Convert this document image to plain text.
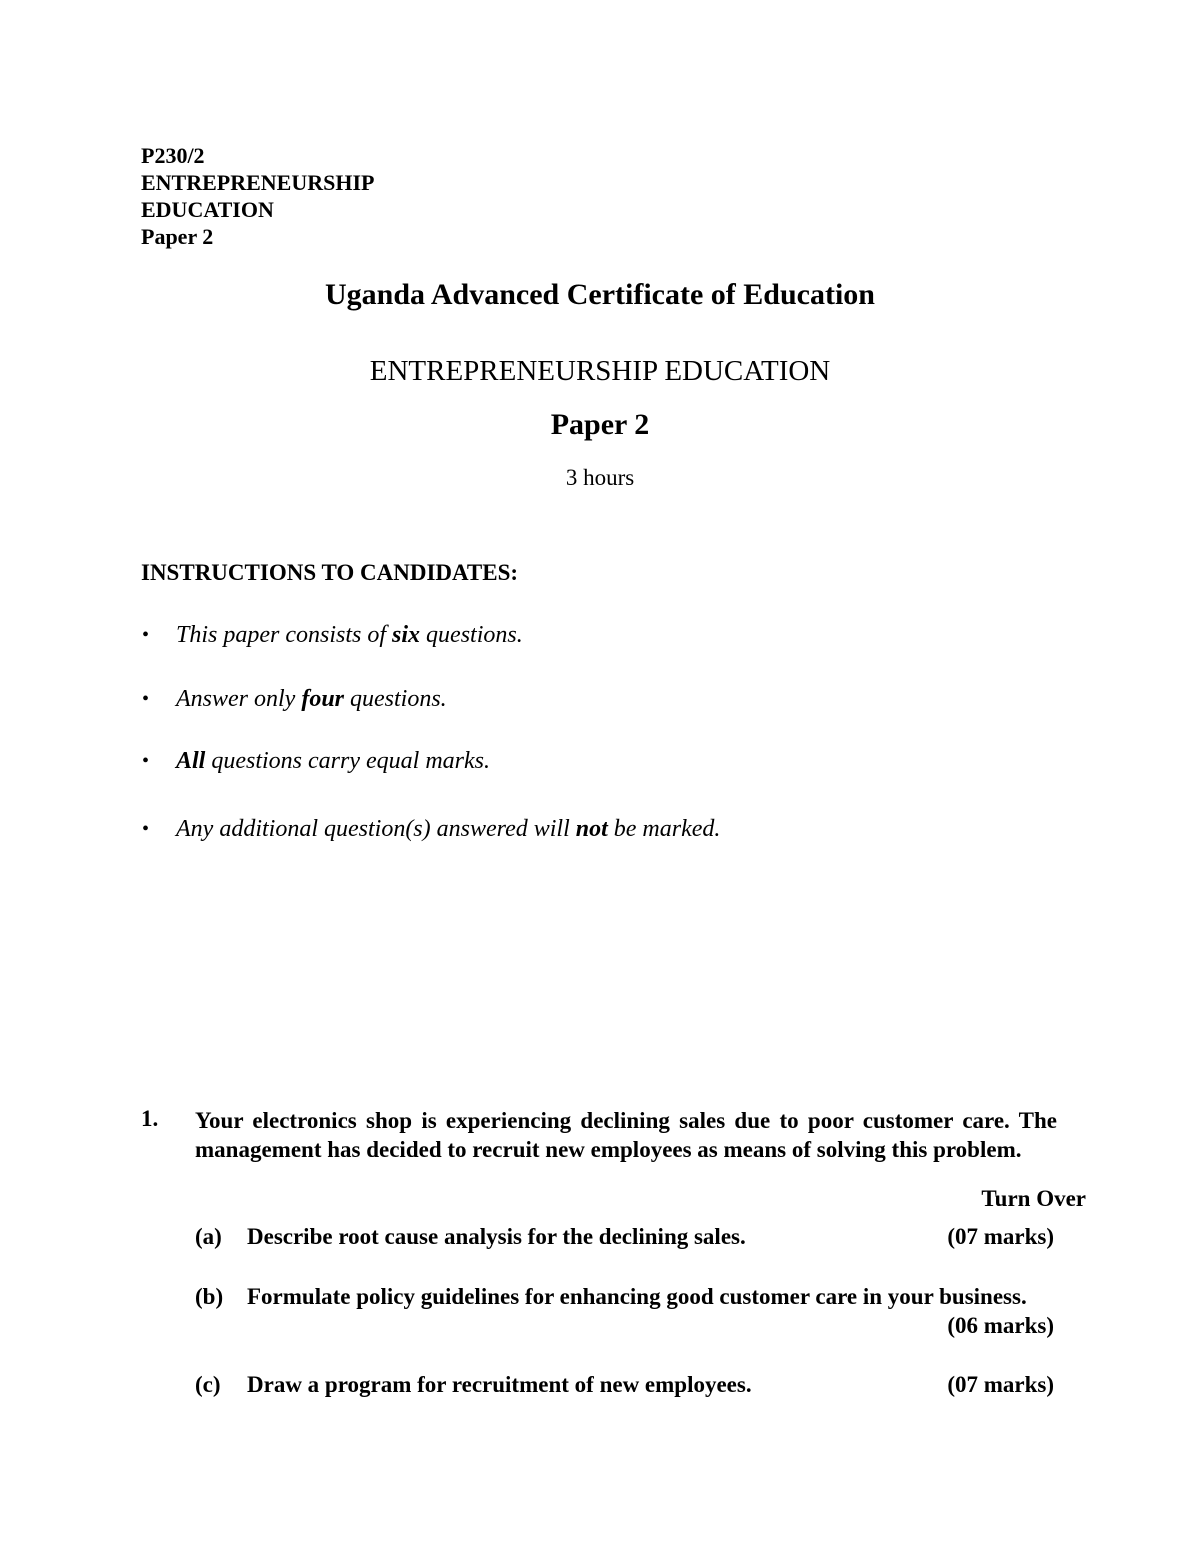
P230/2
ENTREPRENEURSHIP
EDUCATION
Paper 2
Uganda Advanced Certificate of Education
ENTREPRENEURSHIP EDUCATION
Paper 2
3 hours
INSTRUCTIONS TO CANDIDATES:
• This paper consists of six questions.
• Answer only four questions.
• All questions carry equal marks.
• Any additional question(s) answered will not be marked.
1. Your electronics shop is experiencing declining sales due to poor customer care. The management has decided to recruit new employees as means of solving this problem.
Turn Over
(a) Describe root cause analysis for the declining sales.	(07 marks)
(b) Formulate policy guidelines for enhancing good customer care in your business.
(06 marks)
(c) Draw a program for recruitment of new employees.	(07 marks)
